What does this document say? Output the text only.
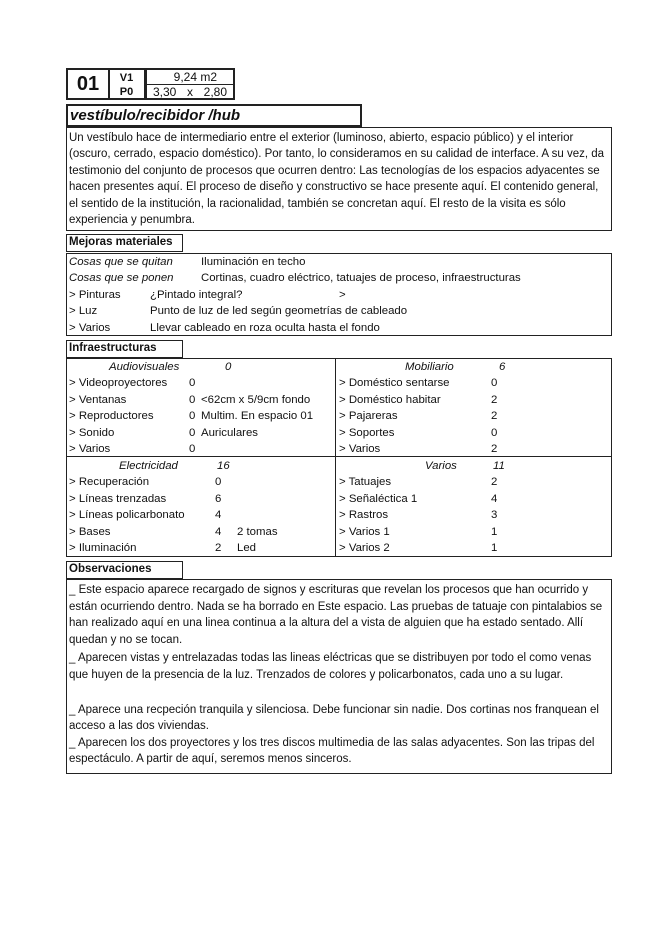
01	V1
P0
9,24 m2
3,30 x 2,80
vestíbulo/recibidor /hub
Un vestíbulo hace de intermediario entre el exterior (luminoso, abierto, espacio público) y el interior (oscuro, cerrado, espacio doméstico). Por tanto, lo consideramos en su calidad de interface. A su vez, da testimonio del conjunto de procesos que ocurren dentro: Las tecnologías de los espacios adyacentes se hacen presentes aquí. El proceso de diseño y constructivo se hace presente aquí. El contenido general, el sentido de la institución, la racionalidad, también se concretan aquí. El resto de la visita es sólo experiencia y penumbra.
Mejoras materiales
Cosas que se quitan Iluminación en techo
Cosas que se ponen Cortinas, cuadro eléctrico, tatuajes de proceso, infraestructuras
> Pinturas	¿Pintado integral?	>
> Luz	Punto de luz de led según geometrías de cableado
> Varios	Llevar cableado en roza oculta hasta el fondo
Infraestructuras
Audiovisuales	0
> Videoproyectores 0
> Ventanas	0 <62cm x 5/9cm fondo
> Reproductores	0 Multim. En espacio 01
> Sonido	0 Auriculares
> Varios	0
Mobiliario	6
> Doméstico sentarse	0
> Doméstico habitar	2
> Pajareras	2
> Soportes	0
> Varios	2
Electricidad	16
> Recuperación	0
> Líneas trenzadas	6
> Líneas policarbonato	4
> Bases	4 2 tomas
> Iluminación	2 Led
Varios	11
> Tatuajes	2
> Señaléctica 1	4
> Rastros	3
> Varios 1	1
> Varios 2	1
Observaciones

_ Este espacio aparece recargado de signos y escrituras que revelan los procesos que han ocurrido y están ocurriendo dentro. Nada se ha borrado en Este espacio. Las pruebas de tatuaje con pintalabios se han realizado aquí en una linea continua a la altura del a vista de alguien que ha estado sentado. Allí quedan y no se tocan.

_ Aparecen vistas y entrelazadas todas las lineas eléctricas que se distribuyen por todo el como venas que huyen de la presencia de la luz. Trenzados de colores y policarbonatos, cada uno a su lugar.

_ Aparece una recpeción tranquila y silenciosa. Debe funcionar sin nadie. Dos cortinas nos franquean el acceso a las dos viviendas.

_ Aparecen los dos proyectores y los tres discos multimedia de las salas adyacentes. Son las tripas del espectáculo. A partir de aquí, seremos menos sinceros.
